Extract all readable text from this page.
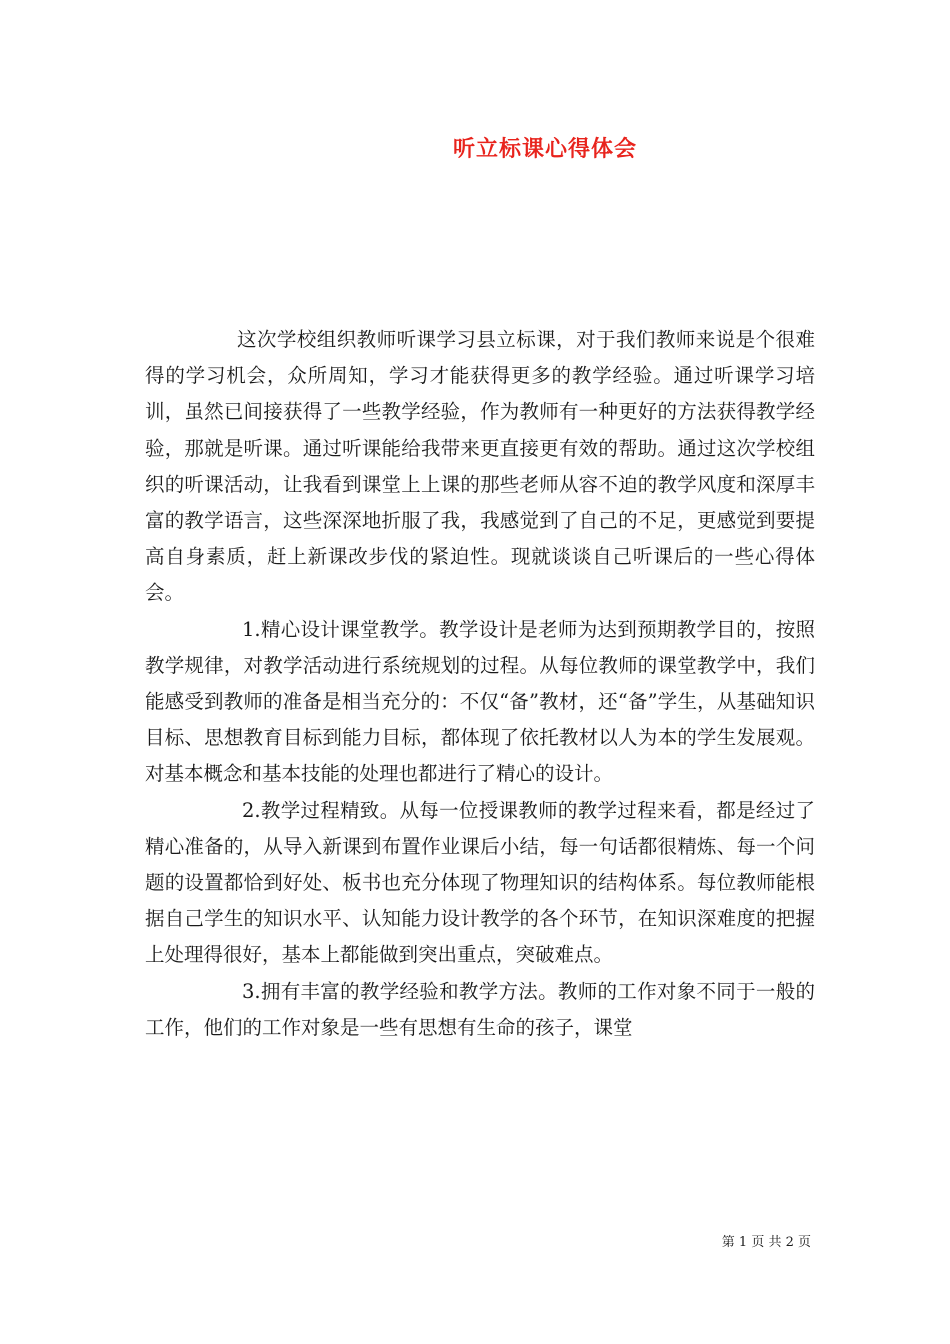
听立标课心得体会

这次学校组织教师听课学习县立标课，对于我们教师来说是个很难得的学习机会，众所周知，学习才能获得更多的教学经验。通过听课学习培训，虽然已间接获得了一些教学经验，作为教师有一种更好的方法获得教学经验，那就是听课。通过听课能给我带来更直接更有效的帮助。通过这次学校组织的听课活动，让我看到课堂上上课的那些老师从容不迫的教学风度和深厚丰富的教学语言，这些深深地折服了我，我感觉到了自己的不足，更感觉到要提高自身素质，赶上新课改步伐的紧迫性。现就谈谈自己听课后的一些心得体会。

1.精心设计课堂教学。教学设计是老师为达到预期教学目的，按照教学规律，对教学活动进行系统规划的过程。从每位教师的课堂教学中，我们能感受到教师的准备是相当充分的：不仅“备”教材，还“备”学生，从基础知识目标、思想教育目标到能力目标，都体现了依托教材以人为本的学生发展观。对基本概念和基本技能的处理也都进行了精心的设计。

2.教学过程精致。从每一位授课教师的教学过程来看，都是经过了精心准备的，从导入新课到布置作业课后小结，每一句话都很精炼、每一个问题的设置都恰到好处、板书也充分体现了物理知识的结构体系。每位教师能根据自己学生的知识水平、认知能力设计教学的各个环节，在知识深难度的把握上处理得很好，基本上都能做到突出重点，突破难点。

3.拥有丰富的教学经验和教学方法。教师的工作对象不同于一般的工作，他们的工作对象是一些有思想有生命的孩子，课堂

第 1 页 共 2 页
